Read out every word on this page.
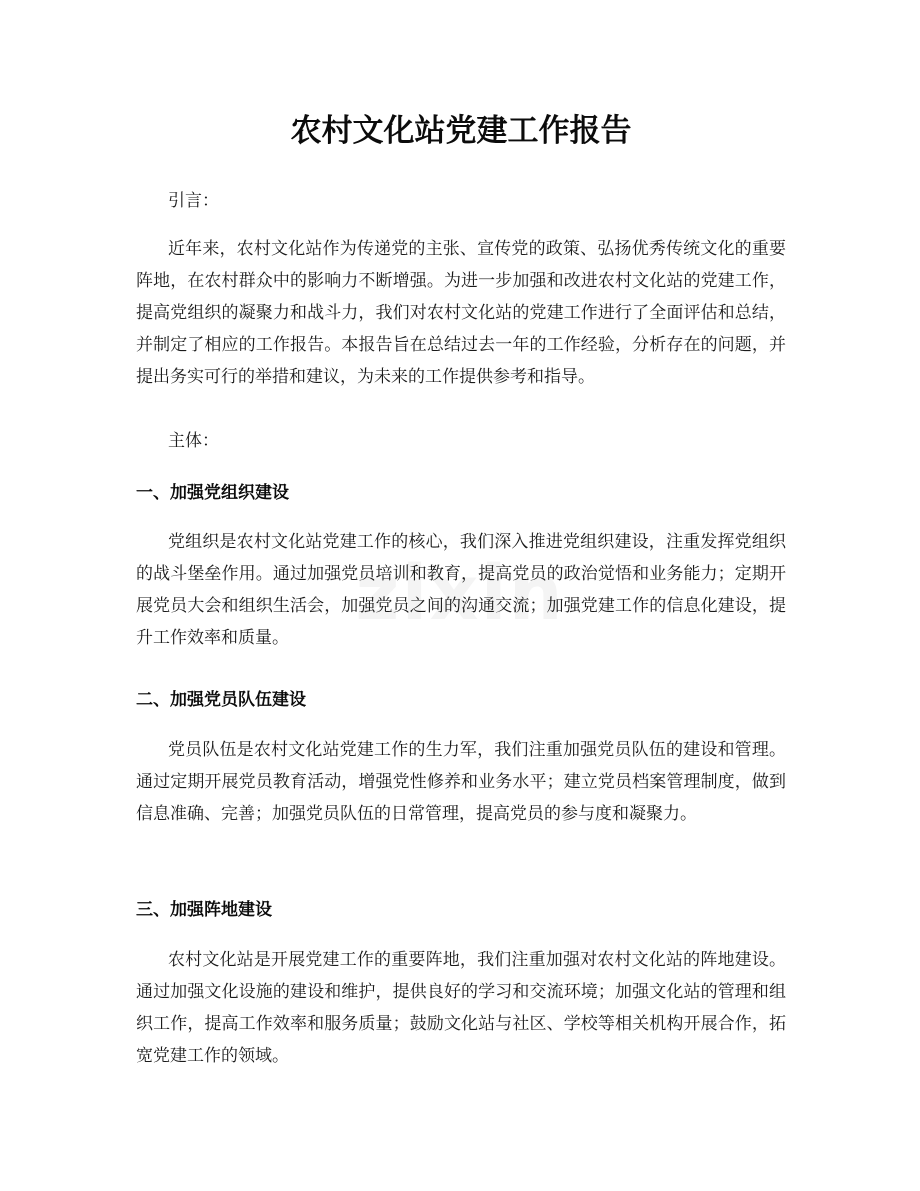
农村文化站党建工作报告

引言：

近年来，农村文化站作为传递党的主张、宣传党的政策、弘扬优秀传统文化的重要阵地，在农村群众中的影响力不断增强。为进一步加强和改进农村文化站的党建工作，提高党组织的凝聚力和战斗力，我们对农村文化站的党建工作进行了全面评估和总结，并制定了相应的工作报告。本报告旨在总结过去一年的工作经验，分析存在的问题，并提出务实可行的举措和建议，为未来的工作提供参考和指导。

主体：

一、加强党组织建设

党组织是农村文化站党建工作的核心，我们深入推进党组织建设，注重发挥党组织的战斗堡垒作用。通过加强党员培训和教育，提高党员的政治觉悟和业务能力；定期开展党员大会和组织生活会，加强党员之间的沟通交流；加强党建工作的信息化建设，提升工作效率和质量。

二、加强党员队伍建设

党员队伍是农村文化站党建工作的生力军，我们注重加强党员队伍的建设和管理。通过定期开展党员教育活动，增强党性修养和业务水平；建立党员档案管理制度，做到信息准确、完善；加强党员队伍的日常管理，提高党员的参与度和凝聚力。

三、加强阵地建设

农村文化站是开展党建工作的重要阵地，我们注重加强对农村文化站的阵地建设。通过加强文化设施的建设和维护，提供良好的学习和交流环境；加强文化站的管理和组织工作，提高工作效率和服务质量；鼓励文化站与社区、学校等相关机构开展合作，拓宽党建工作的领域。
